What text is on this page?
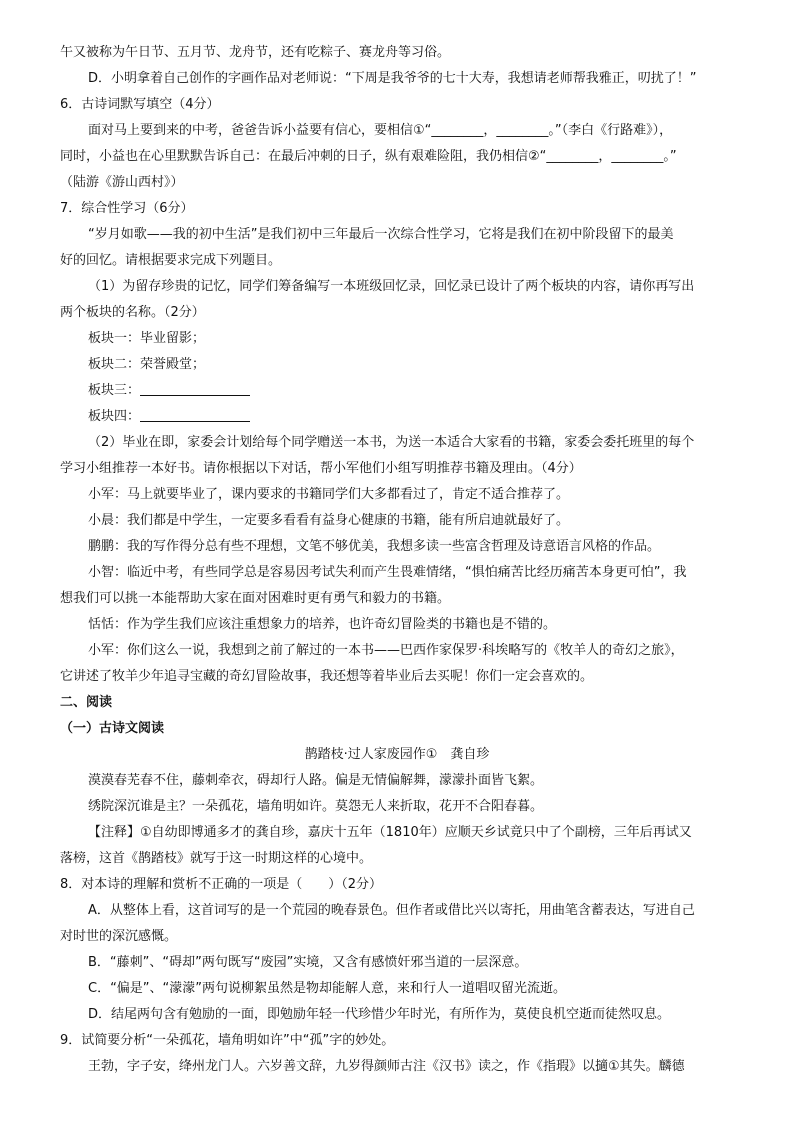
午又被称为午日节、五月节、龙舟节，还有吃粽子、赛龙舟等习俗。
D．小明拿着自己创作的字画作品对老师说：“下周是我爷爷的七十大寿，我想请老师帮我雅正，叨扰了！”
6．古诗词默写填空（4分）
面对马上要到来的中考，爸爸告诉小益要有信心，要相信①“________，________。”（李白《行路难》），
同时，小益也在心里默默告诉自己：在最后冲刺的日子，纵有艰难险阻，我仍相信②“________，________。”
（陆游《游山西村》）
7．综合性学习（6分）
“岁月如歌——我的初中生活”是我们初中三年最后一次综合性学习，它将是我们在初中阶段留下的最美
好的回忆。请根据要求完成下列题目。
（1）为留存珍贵的记忆，同学们筹备编写一本班级回忆录，回忆录已设计了两个板块的内容，请你再写出
两个板块的名称。（2分）
板块一：毕业留影；
板块二：荣誉殿堂；
板块三：
板块四：
（2）毕业在即，家委会计划给每个同学赠送一本书，为送一本适合大家看的书籍，家委会委托班里的每个
学习小组推荐一本好书。请你根据以下对话，帮小军他们小组写明推荐书籍及理由。（4分）
小军：马上就要毕业了，课内要求的书籍同学们大多都看过了，肯定不适合推荐了。
小晨：我们都是中学生，一定要多看看有益身心健康的书籍，能有所启迪就最好了。
鹏鹏：我的写作得分总有些不理想，文笔不够优美，我想多读一些富含哲理及诗意语言风格的作品。
小智：临近中考，有些同学总是容易因考试失利而产生畏难情绪，“惧怕痛苦比经历痛苦本身更可怕”，我
想我们可以挑一本能帮助大家在面对困难时更有勇气和毅力的书籍。
恬恬：作为学生我们应该注重想象力的培养，也许奇幻冒险类的书籍也是不错的。
小军：你们这么一说，我想到之前了解过的一本书——巴西作家保罗·科埃略写的《牧羊人的奇幻之旅》，
它讲述了牧羊少年追寻宝藏的奇幻冒险故事，我还想等着毕业后去买呢！你们一定会喜欢的。
二、阅读
（一）古诗文阅读
鹊踏枝·过人家废园作①　龚自珍
漠漠春芜春不住，藤刺牵衣，碍却行人路。偏是无情偏解舞，濛濛扑面皆飞絮。
绣院深沉谁是主？一朵孤花，墙角明如许。莫怨无人来折取，花开不合阳春暮。
【注释】①自幼即博通多才的龚自珍，嘉庆十五年（1810年）应顺天乡试竟只中了个副榜，三年后再试又
落榜，这首《鹊踏枝》就写于这一时期这样的心境中。
8．对本诗的理解和赏析不正确的一项是（　　）（2分）
A．从整体上看，这首词写的是一个荒园的晚春景色。但作者或借比兴以寄托，用曲笔含蓄表达，写进自己
对时世的深沉感慨。
B．“藤刺”、“碍却”两句既写“废园”实境，又含有感愤奸邪当道的一层深意。
C．“偏是”、“濛濛”两句说柳絮虽然是物却能解人意，来和行人一道唱叹留光流逝。
D．结尾两句含有勉励的一面，即勉励年轻一代珍惜少年时光，有所作为，莫使良机空逝而徒然叹息。
9．试简要分析“一朵孤花，墙角明如许”中“孤”字的妙处。
王勃，字子安，绛州龙门人。六岁善文辞，九岁得颜师古注《汉书》读之，作《指瑕》以擿①其失。麟德
